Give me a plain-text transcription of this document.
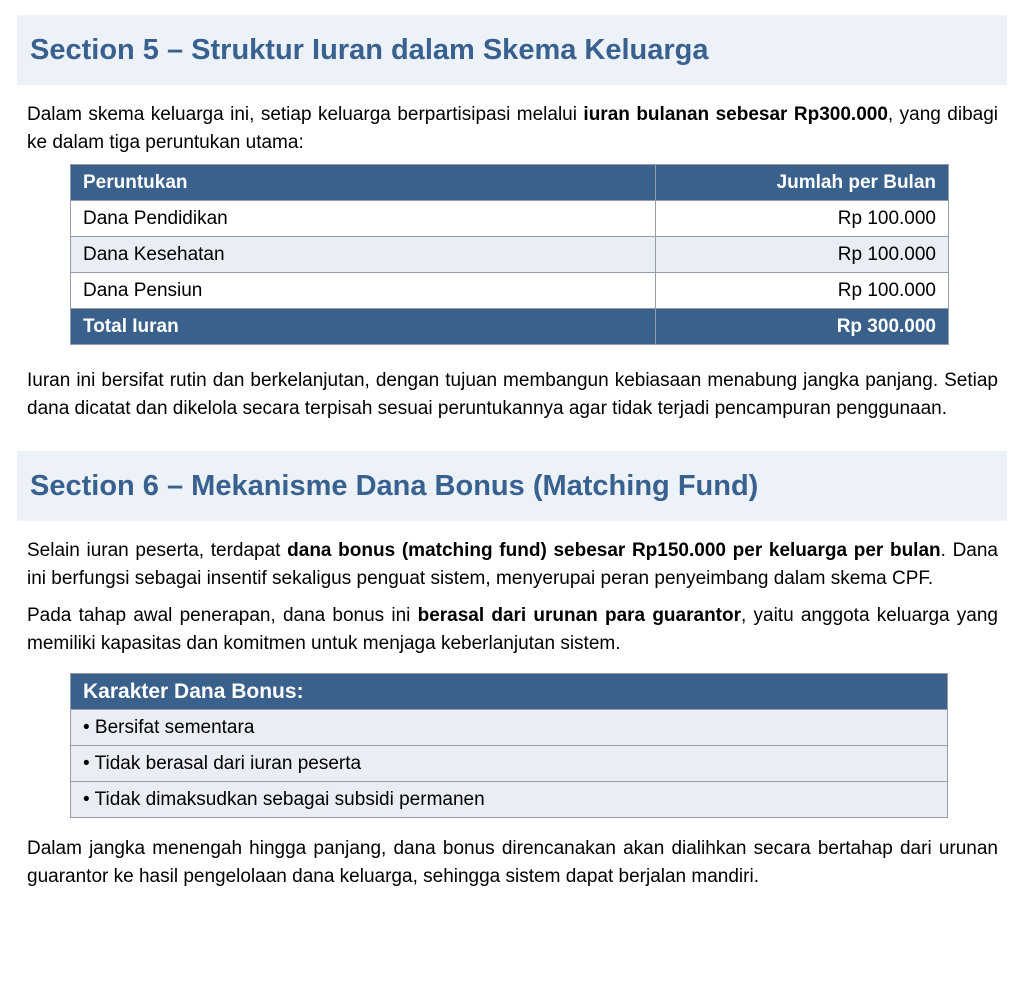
Section 5 – Struktur Iuran dalam Skema Keluarga

Dalam skema keluarga ini, setiap keluarga berpartisipasi melalui iuran bulanan sebesar Rp300.000, yang dibagi ke dalam tiga peruntukan utama:

Peruntukan	Jumlah per Bulan
Dana Pendidikan	Rp 100.000
Dana Kesehatan	Rp 100.000
Dana Pensiun	Rp 100.000
Total Iuran	Rp 300.000

Iuran ini bersifat rutin dan berkelanjutan, dengan tujuan membangun kebiasaan menabung jangka panjang. Setiap dana dicatat dan dikelola secara terpisah sesuai peruntukannya agar tidak terjadi pencampuran penggunaan.

Section 6 – Mekanisme Dana Bonus (Matching Fund)

Selain iuran peserta, terdapat dana bonus (matching fund) sebesar Rp150.000 per keluarga per bulan. Dana ini berfungsi sebagai insentif sekaligus penguat sistem, menyerupai peran penyeimbang dalam skema CPF.

Pada tahap awal penerapan, dana bonus ini berasal dari urunan para guarantor, yaitu anggota keluarga yang memiliki kapasitas dan komitmen untuk menjaga keberlanjutan sistem.

Karakter Dana Bonus:
• Bersifat sementara
• Tidak berasal dari iuran peserta
• Tidak dimaksudkan sebagai subsidi permanen

Dalam jangka menengah hingga panjang, dana bonus direncanakan akan dialihkan secara bertahap dari urunan guarantor ke hasil pengelolaan dana keluarga, sehingga sistem dapat berjalan mandiri.
